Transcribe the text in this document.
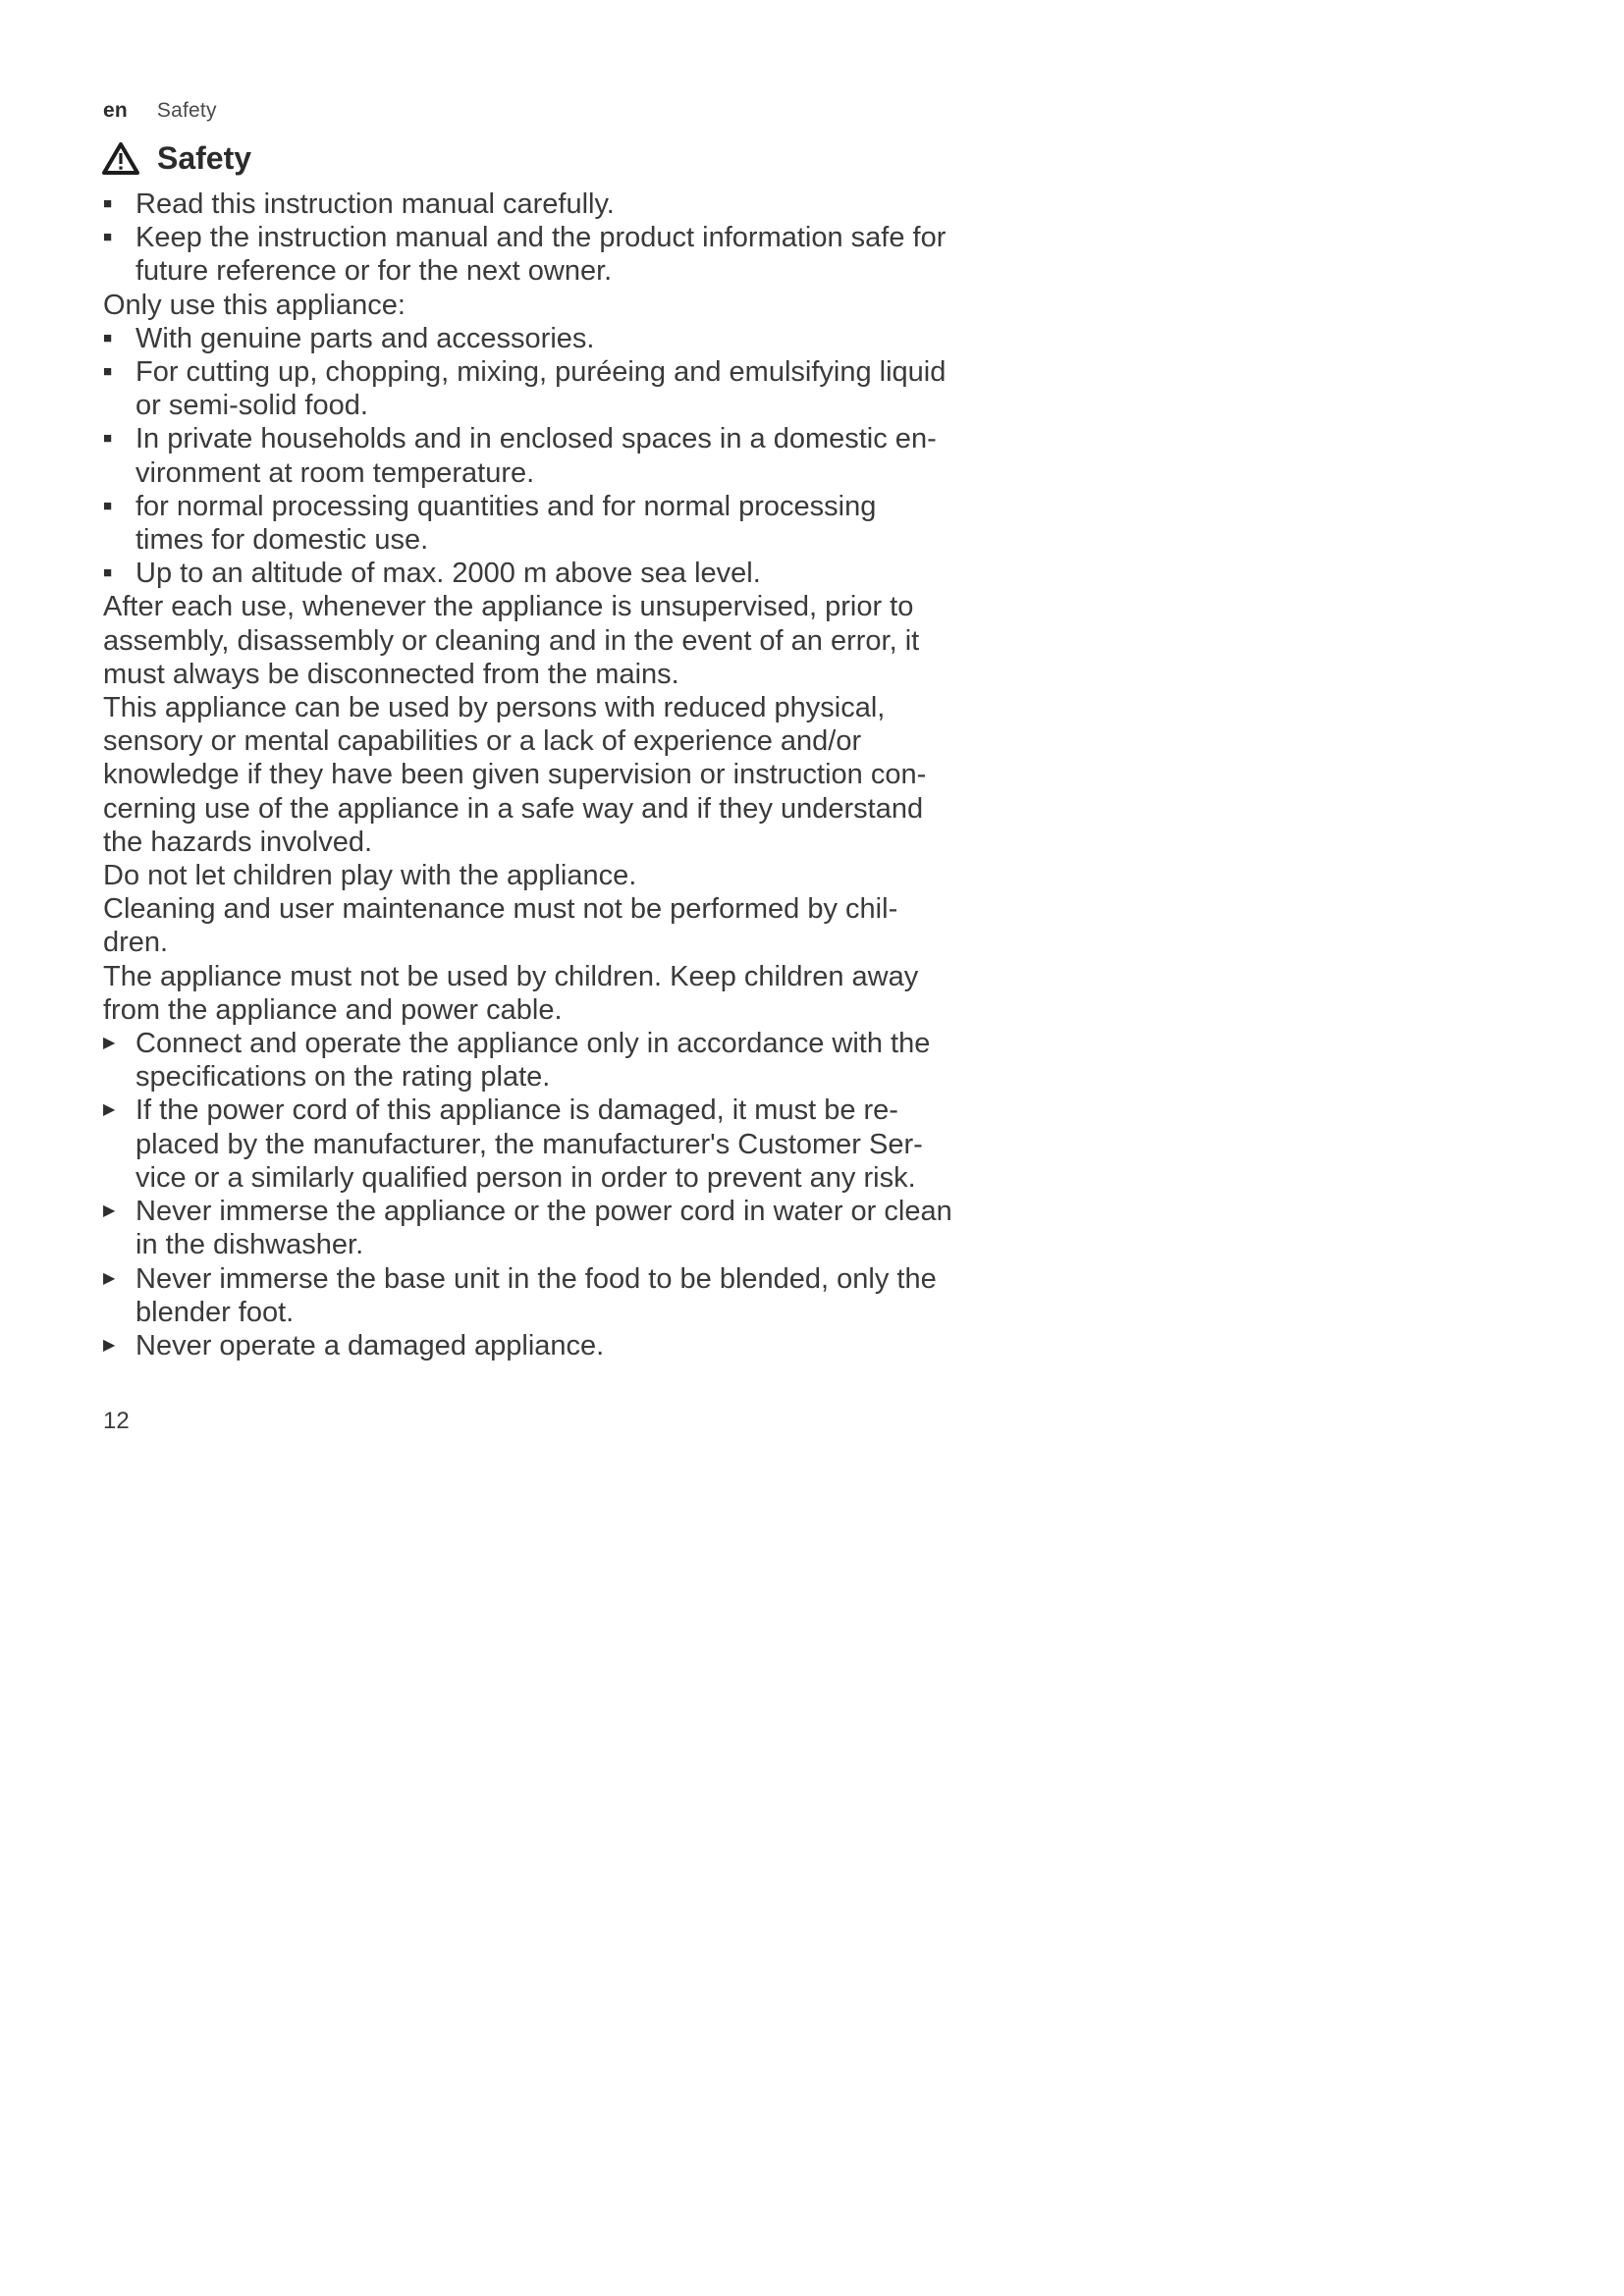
en Safety
Safety
■ Read this instruction manual carefully.
■ Keep the instruction manual and the product information safe for
future reference or for the next owner.
Only use this appliance:
■ With genuine parts and accessories.
■ For cutting up, chopping, mixing, puréeing and emulsifying liquid
or semi-solid food.
■ In private households and in enclosed spaces in a domestic en-
vironment at room temperature.
■ for normal processing quantities and for normal processing
times for domestic use.
■ Up to an altitude of max. 2000 m above sea level.
After each use, whenever the appliance is unsupervised, prior to
assembly, disassembly or cleaning and in the event of an error, it
must always be disconnected from the mains.
This appliance can be used by persons with reduced physical,
sensory or mental capabilities or a lack of experience and/or
knowledge if they have been given supervision or instruction con-
cerning use of the appliance in a safe way and if they understand
the hazards involved.
Do not let children play with the appliance.
Cleaning and user maintenance must not be performed by chil-
dren.
The appliance must not be used by children. Keep children away
from the appliance and power cable.
▶ Connect and operate the appliance only in accordance with the
specifications on the rating plate.
▶ If the power cord of this appliance is damaged, it must be re-
placed by the manufacturer, the manufacturer's Customer Ser-
vice or a similarly qualified person in order to prevent any risk.
▶ Never immerse the appliance or the power cord in water or clean
in the dishwasher.
▶ Never immerse the base unit in the food to be blended, only the
blender foot.
▶ Never operate a damaged appliance.
12
